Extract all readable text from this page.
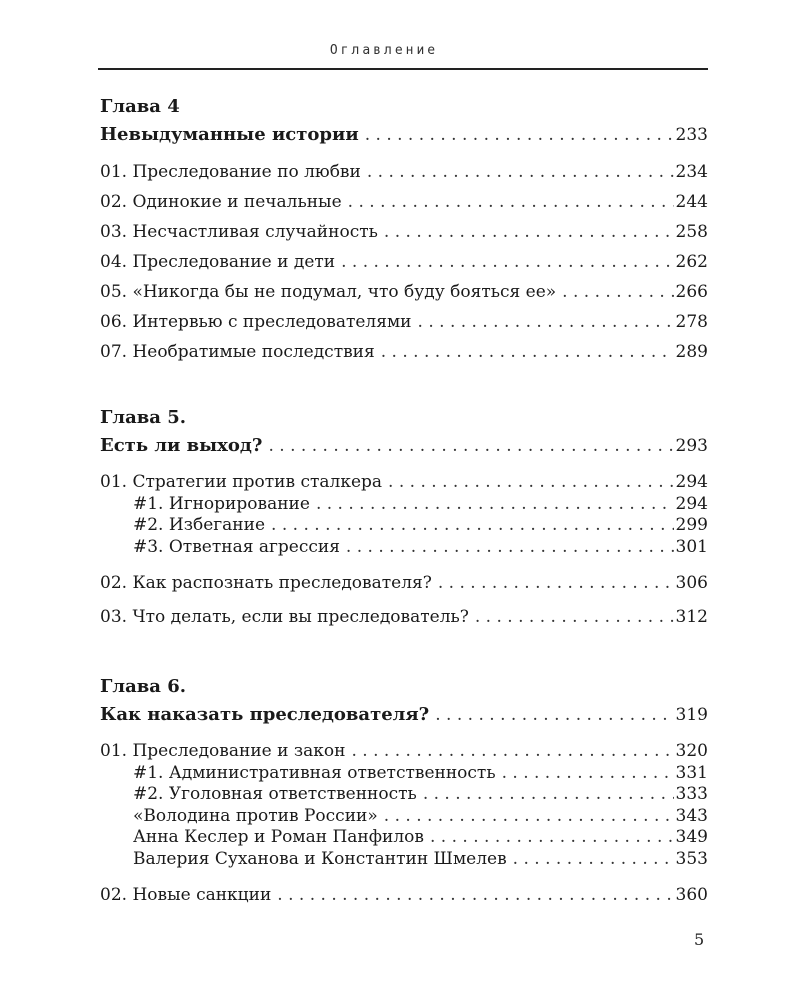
Оглавление
Глава 4
Невыдуманные истории . . .	233
01. Преследование по любви . . .	234
02. Одинокие и печальные . . .	244
03. Несчастливая случайность . . .	258
04. Преследование и дети . . .	262
05. «Никогда бы не подумал, что буду бояться ее» . . .	266
06. Интервью с преследователями . . .	278
07. Необратимые последствия . . .	289
Глава 5.
Есть ли выход? . . .	293
01. Стратегии против сталкера . . .	294
#1. Игнорирование . . .	294
#2. Избегание . . .	299
#3. Ответная агрессия . . .	301
02. Как распознать преследователя? . . .	306
03. Что делать, если вы преследователь? . . .	312
Глава 6.
Как наказать преследователя? . . .	319
01. Преследование и закон . . .	320
#1. Административная ответственность . . .	331
#2. Уголовная ответственность . . .	333
«Володина против России» . . .	343
Анна Кеслер и Роман Панфилов . . .	349
Валерия Суханова и Константин Шмелев . . .	353
02. Новые санкции . . .	360
5
